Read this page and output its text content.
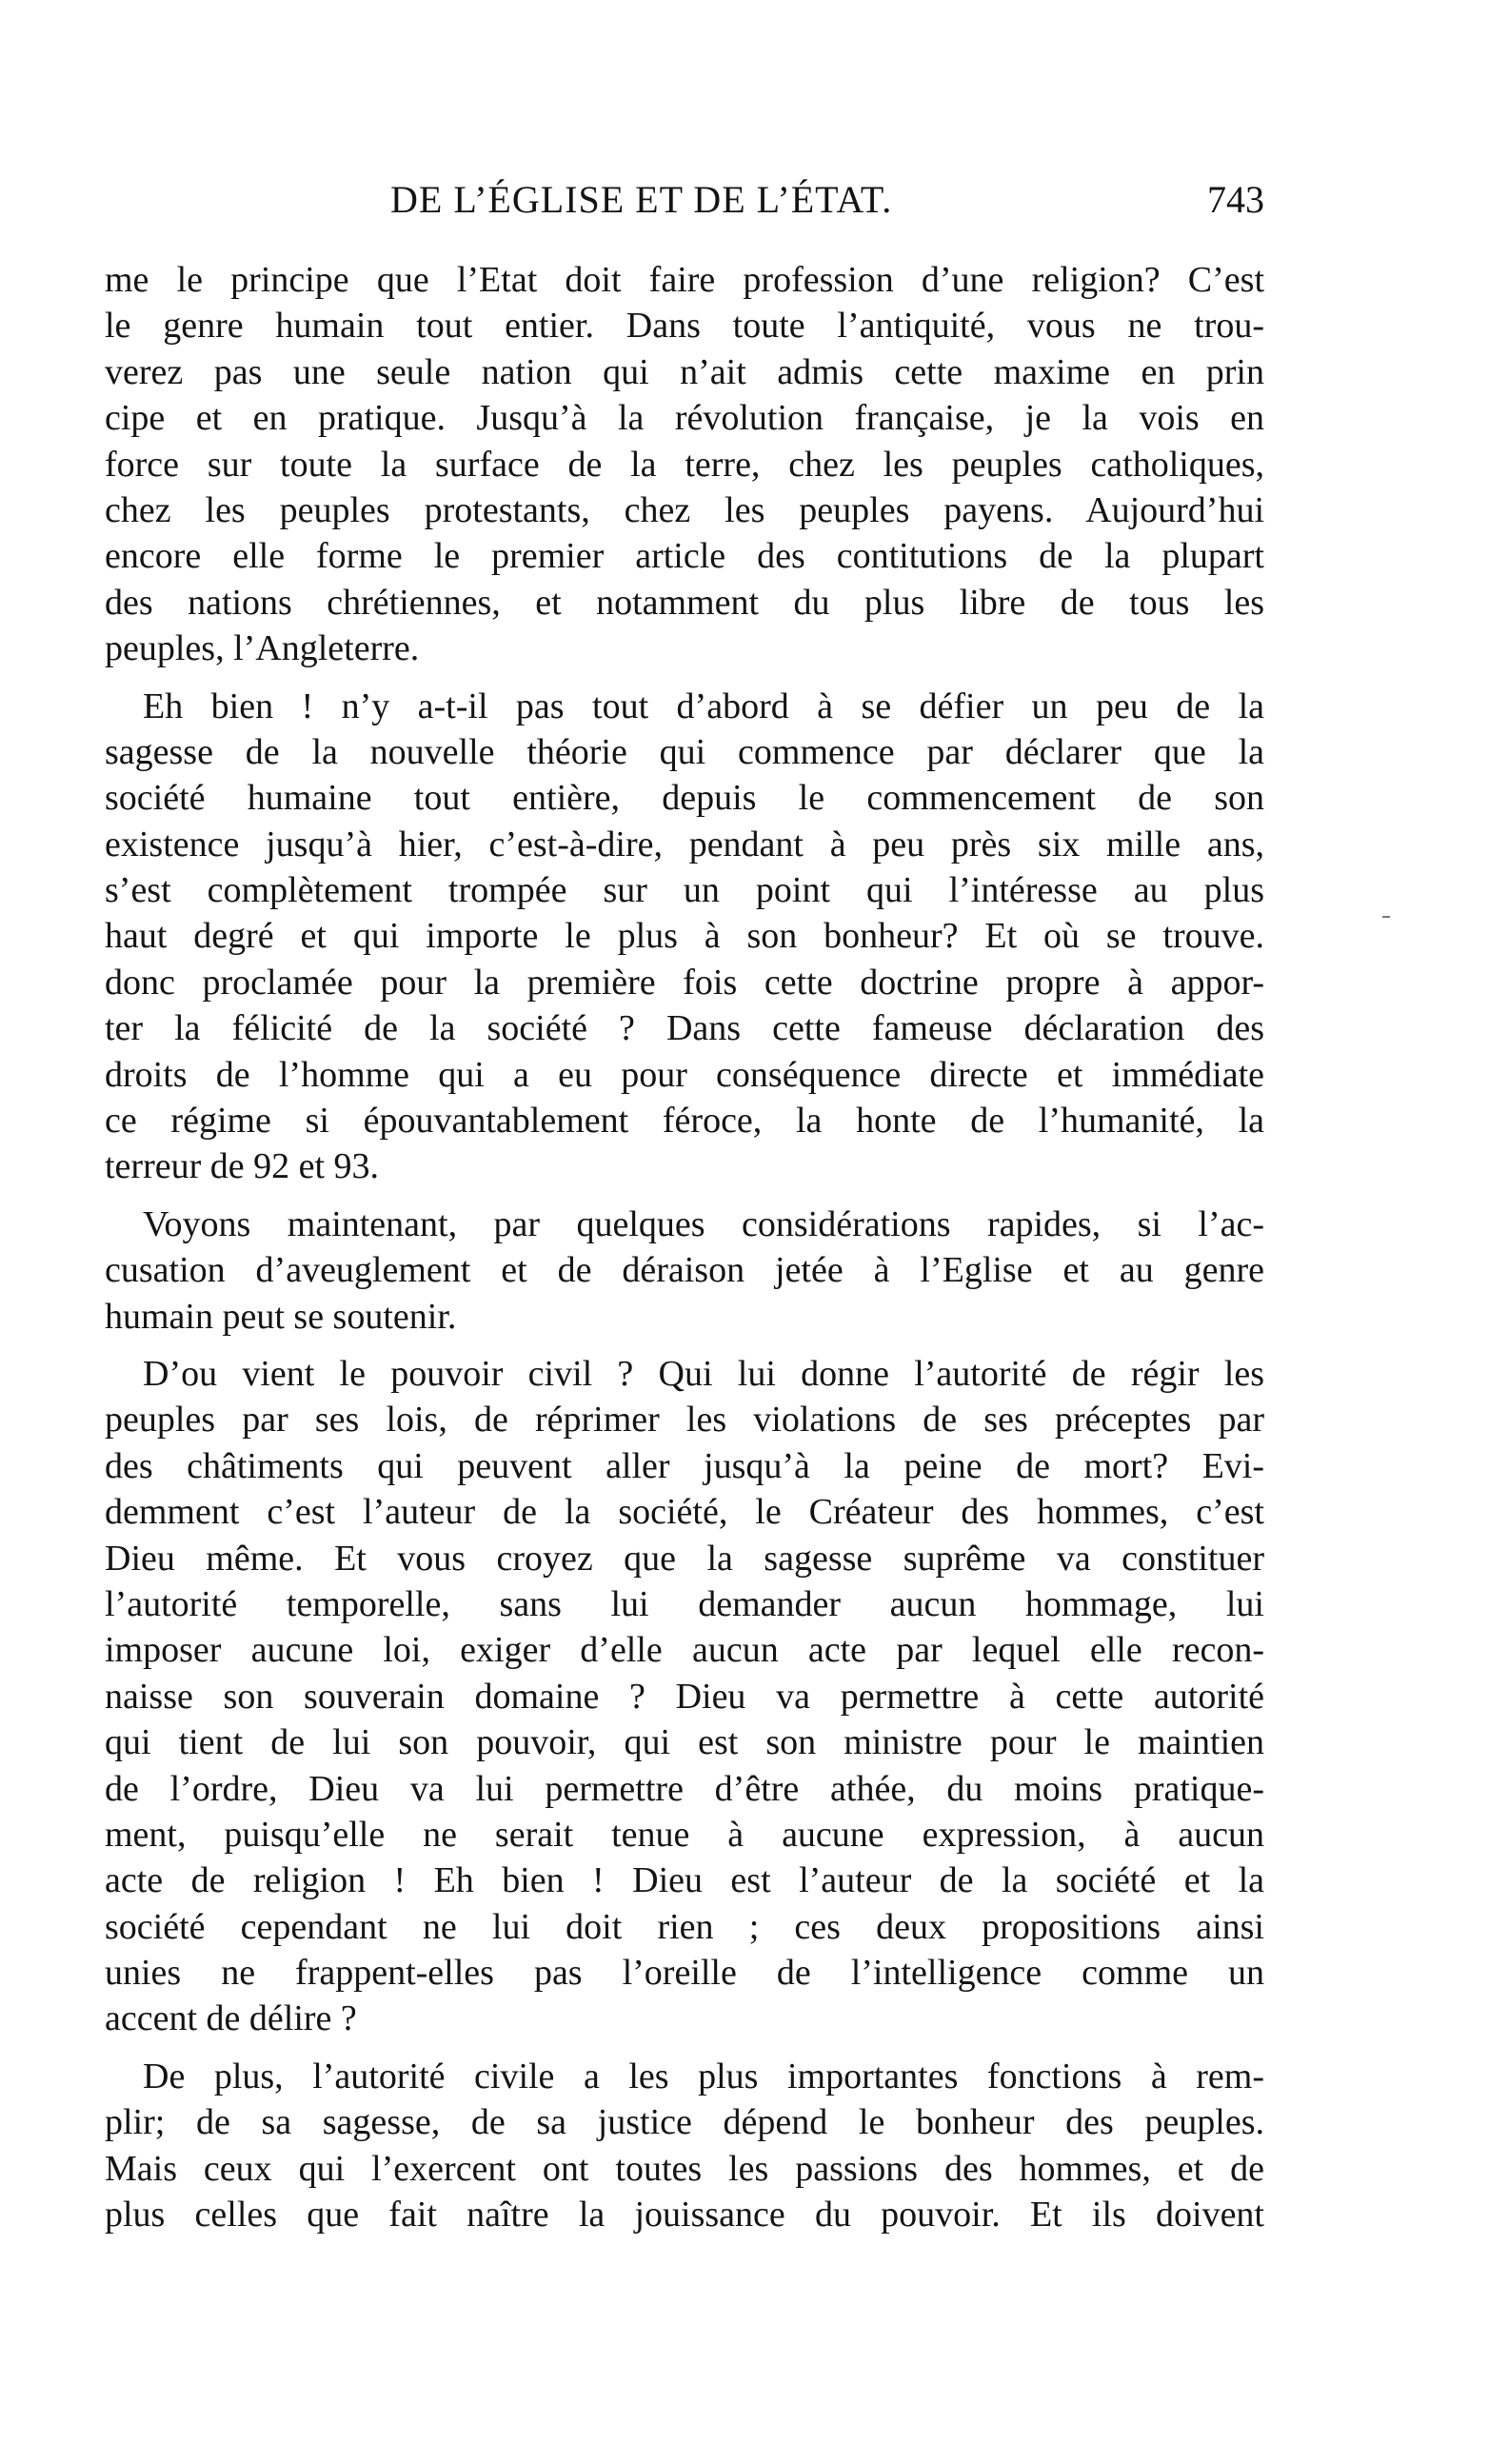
DE L’ÉGLISE ET DE L’ÉTAT.	743
me le principe que l’Etat doit faire profession d’une religion? C’est
le genre humain tout entier. Dans toute l’antiquité, vous ne trou-
verez pas une seule nation qui n’ait admis cette maxime en prin
cipe et en pratique. Jusqu’à la révolution française, je la vois en
force sur toute la surface de la terre, chez les peuples catholiques,
chez les peuples protestants, chez les peuples payens. Aujourd’hui
encore elle forme le premier article des contitutions de la plupart
des nations chrétiennes, et notamment du plus libre de tous les
peuples, l’Angleterre.
Eh bien ! n’y a-t-il pas tout d’abord à se défier un peu de la
sagesse de la nouvelle théorie qui commence par déclarer que la
société humaine tout entière, depuis le commencement de son
existence jusqu’à hier, c’est-à-dire, pendant à peu près six mille ans,
s’est complètement trompée sur un point qui l’intéresse au plus
haut degré et qui importe le plus à son bonheur? Et où se trouve.
donc proclamée pour la première fois cette doctrine propre à appor-
ter la félicité de la société ? Dans cette fameuse déclaration des
droits de l’homme qui a eu pour conséquence directe et immédiate
ce régime si épouvantablement féroce, la honte de l’humanité, la
terreur de 92 et 93.
Voyons maintenant, par quelques considérations rapides, si l’ac-
cusation d’aveuglement et de déraison jetée à l’Eglise et au genre
humain peut se soutenir.
D’ou vient le pouvoir civil ? Qui lui donne l’autorité de régir les
peuples par ses lois, de réprimer les violations de ses préceptes par
des châtiments qui peuvent aller jusqu’à la peine de mort? Evi-
demment c’est l’auteur de la société, le Créateur des hommes, c’est
Dieu même. Et vous croyez que la sagesse suprême va constituer
l’autorité temporelle, sans lui demander aucun hommage, lui
imposer aucune loi, exiger d’elle aucun acte par lequel elle recon-
naisse son souverain domaine ? Dieu va permettre à cette autorité
qui tient de lui son pouvoir, qui est son ministre pour le maintien
de l’ordre, Dieu va lui permettre d’être athée, du moins pratique-
ment, puisqu’elle ne serait tenue à aucune expression, à aucun
acte de religion ! Eh bien ! Dieu est l’auteur de la société et la
société cependant ne lui doit rien ; ces deux propositions ainsi
unies ne frappent-elles pas l’oreille de l’intelligence comme un
accent de délire ?
De plus, l’autorité civile a les plus importantes fonctions à rem-
plir; de sa sagesse, de sa justice dépend le bonheur des peuples.
Mais ceux qui l’exercent ont toutes les passions des hommes, et de
plus celles que fait naître la jouissance du pouvoir. Et ils doivent
